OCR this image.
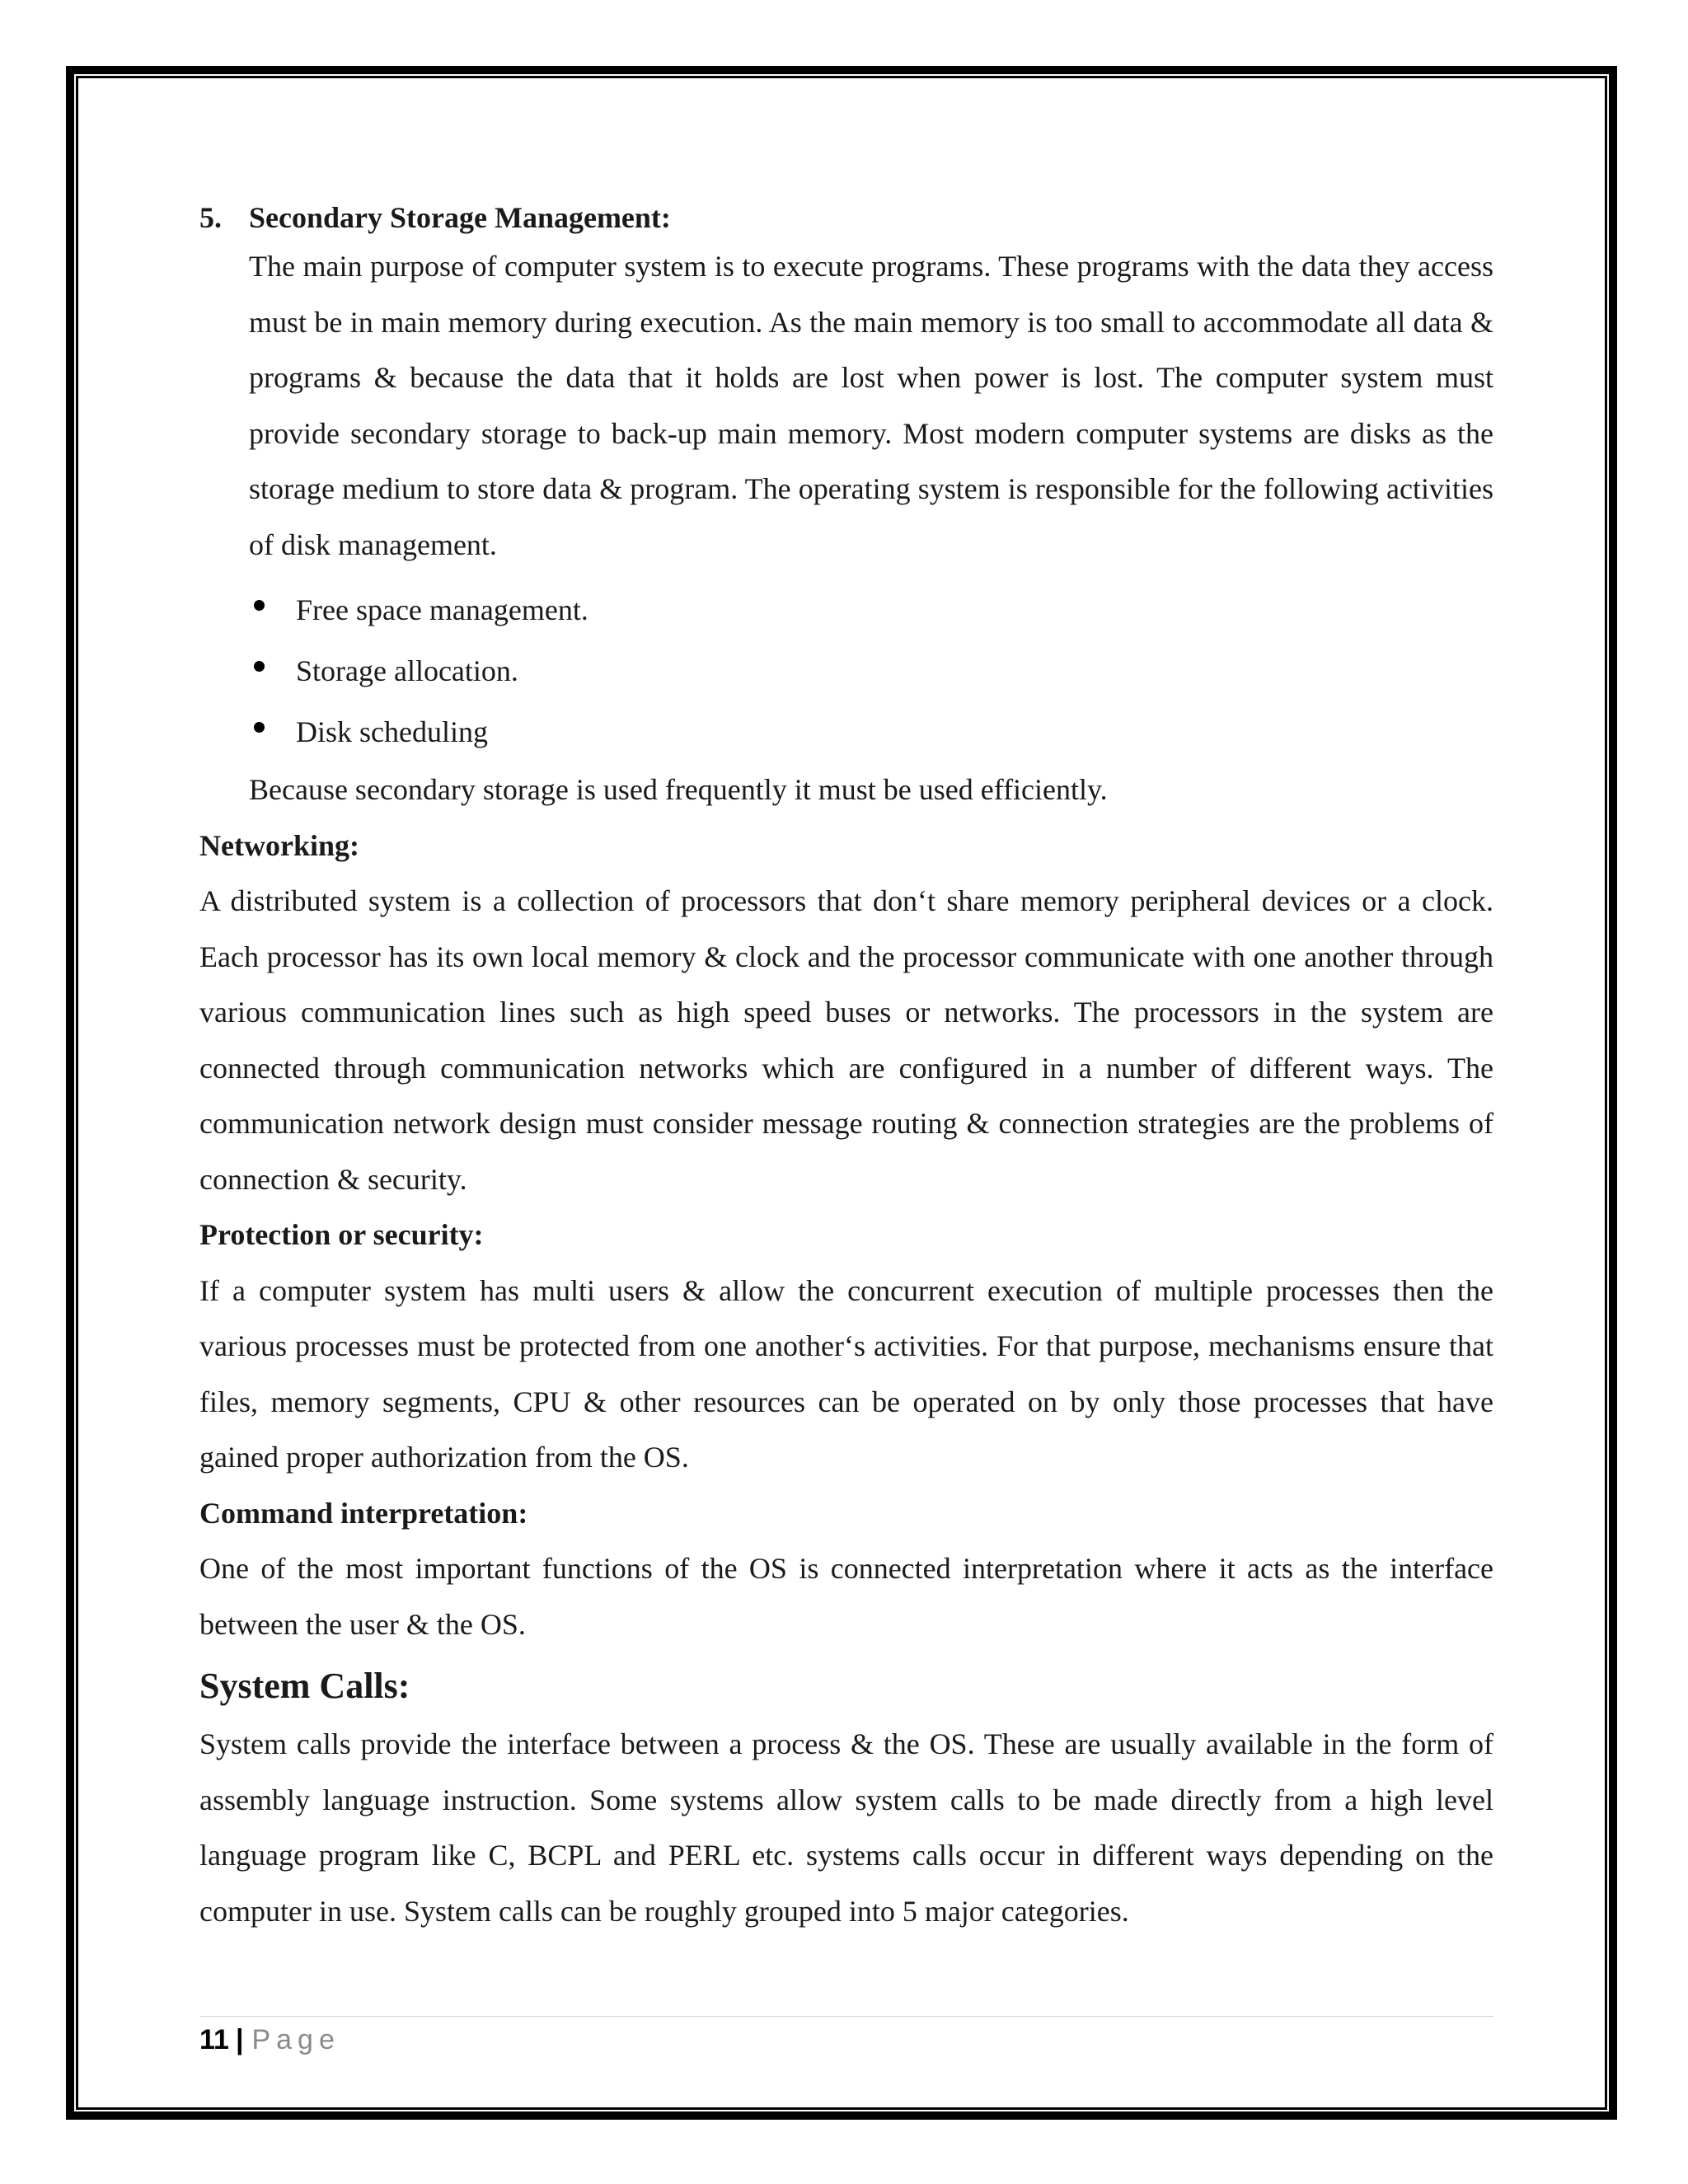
5. Secondary Storage Management:

The main purpose of computer system is to execute programs. These programs with the data they access must be in main memory during execution. As the main memory is too small to accommodate all data & programs & because the data that it holds are lost when power is lost. The computer system must provide secondary storage to back-up main memory. Most modern computer systems are disks as the storage medium to store data & program. The operating system is responsible for the following activities of disk management.

Free space management.
Storage allocation.
Disk scheduling

Because secondary storage is used frequently it must be used efficiently.

Networking:

A distributed system is a collection of processors that don‘t share memory peripheral devices or a clock. Each processor has its own local memory & clock and the processor communicate with one another through various communication lines such as high speed buses or networks. The processors in the system are connected through communication networks which are configured in a number of different ways. The communication network design must consider message routing & connection strategies are the problems of connection & security.

Protection or security:

If a computer system has multi users & allow the concurrent execution of multiple processes then the various processes must be protected from one another‘s activities. For that purpose, mechanisms ensure that files, memory segments, CPU & other resources can be operated on by only those processes that have gained proper authorization from the OS.

Command interpretation:

One of the most important functions of the OS is connected interpretation where it acts as the interface between the user & the OS.

System Calls:

System calls provide the interface between a process & the OS. These are usually available in the form of assembly language instruction. Some systems allow system calls to be made directly from a high level language program like C, BCPL and PERL etc. systems calls occur in different ways depending on the computer in use. System calls can be roughly grouped into 5 major categories.

11 | Page
